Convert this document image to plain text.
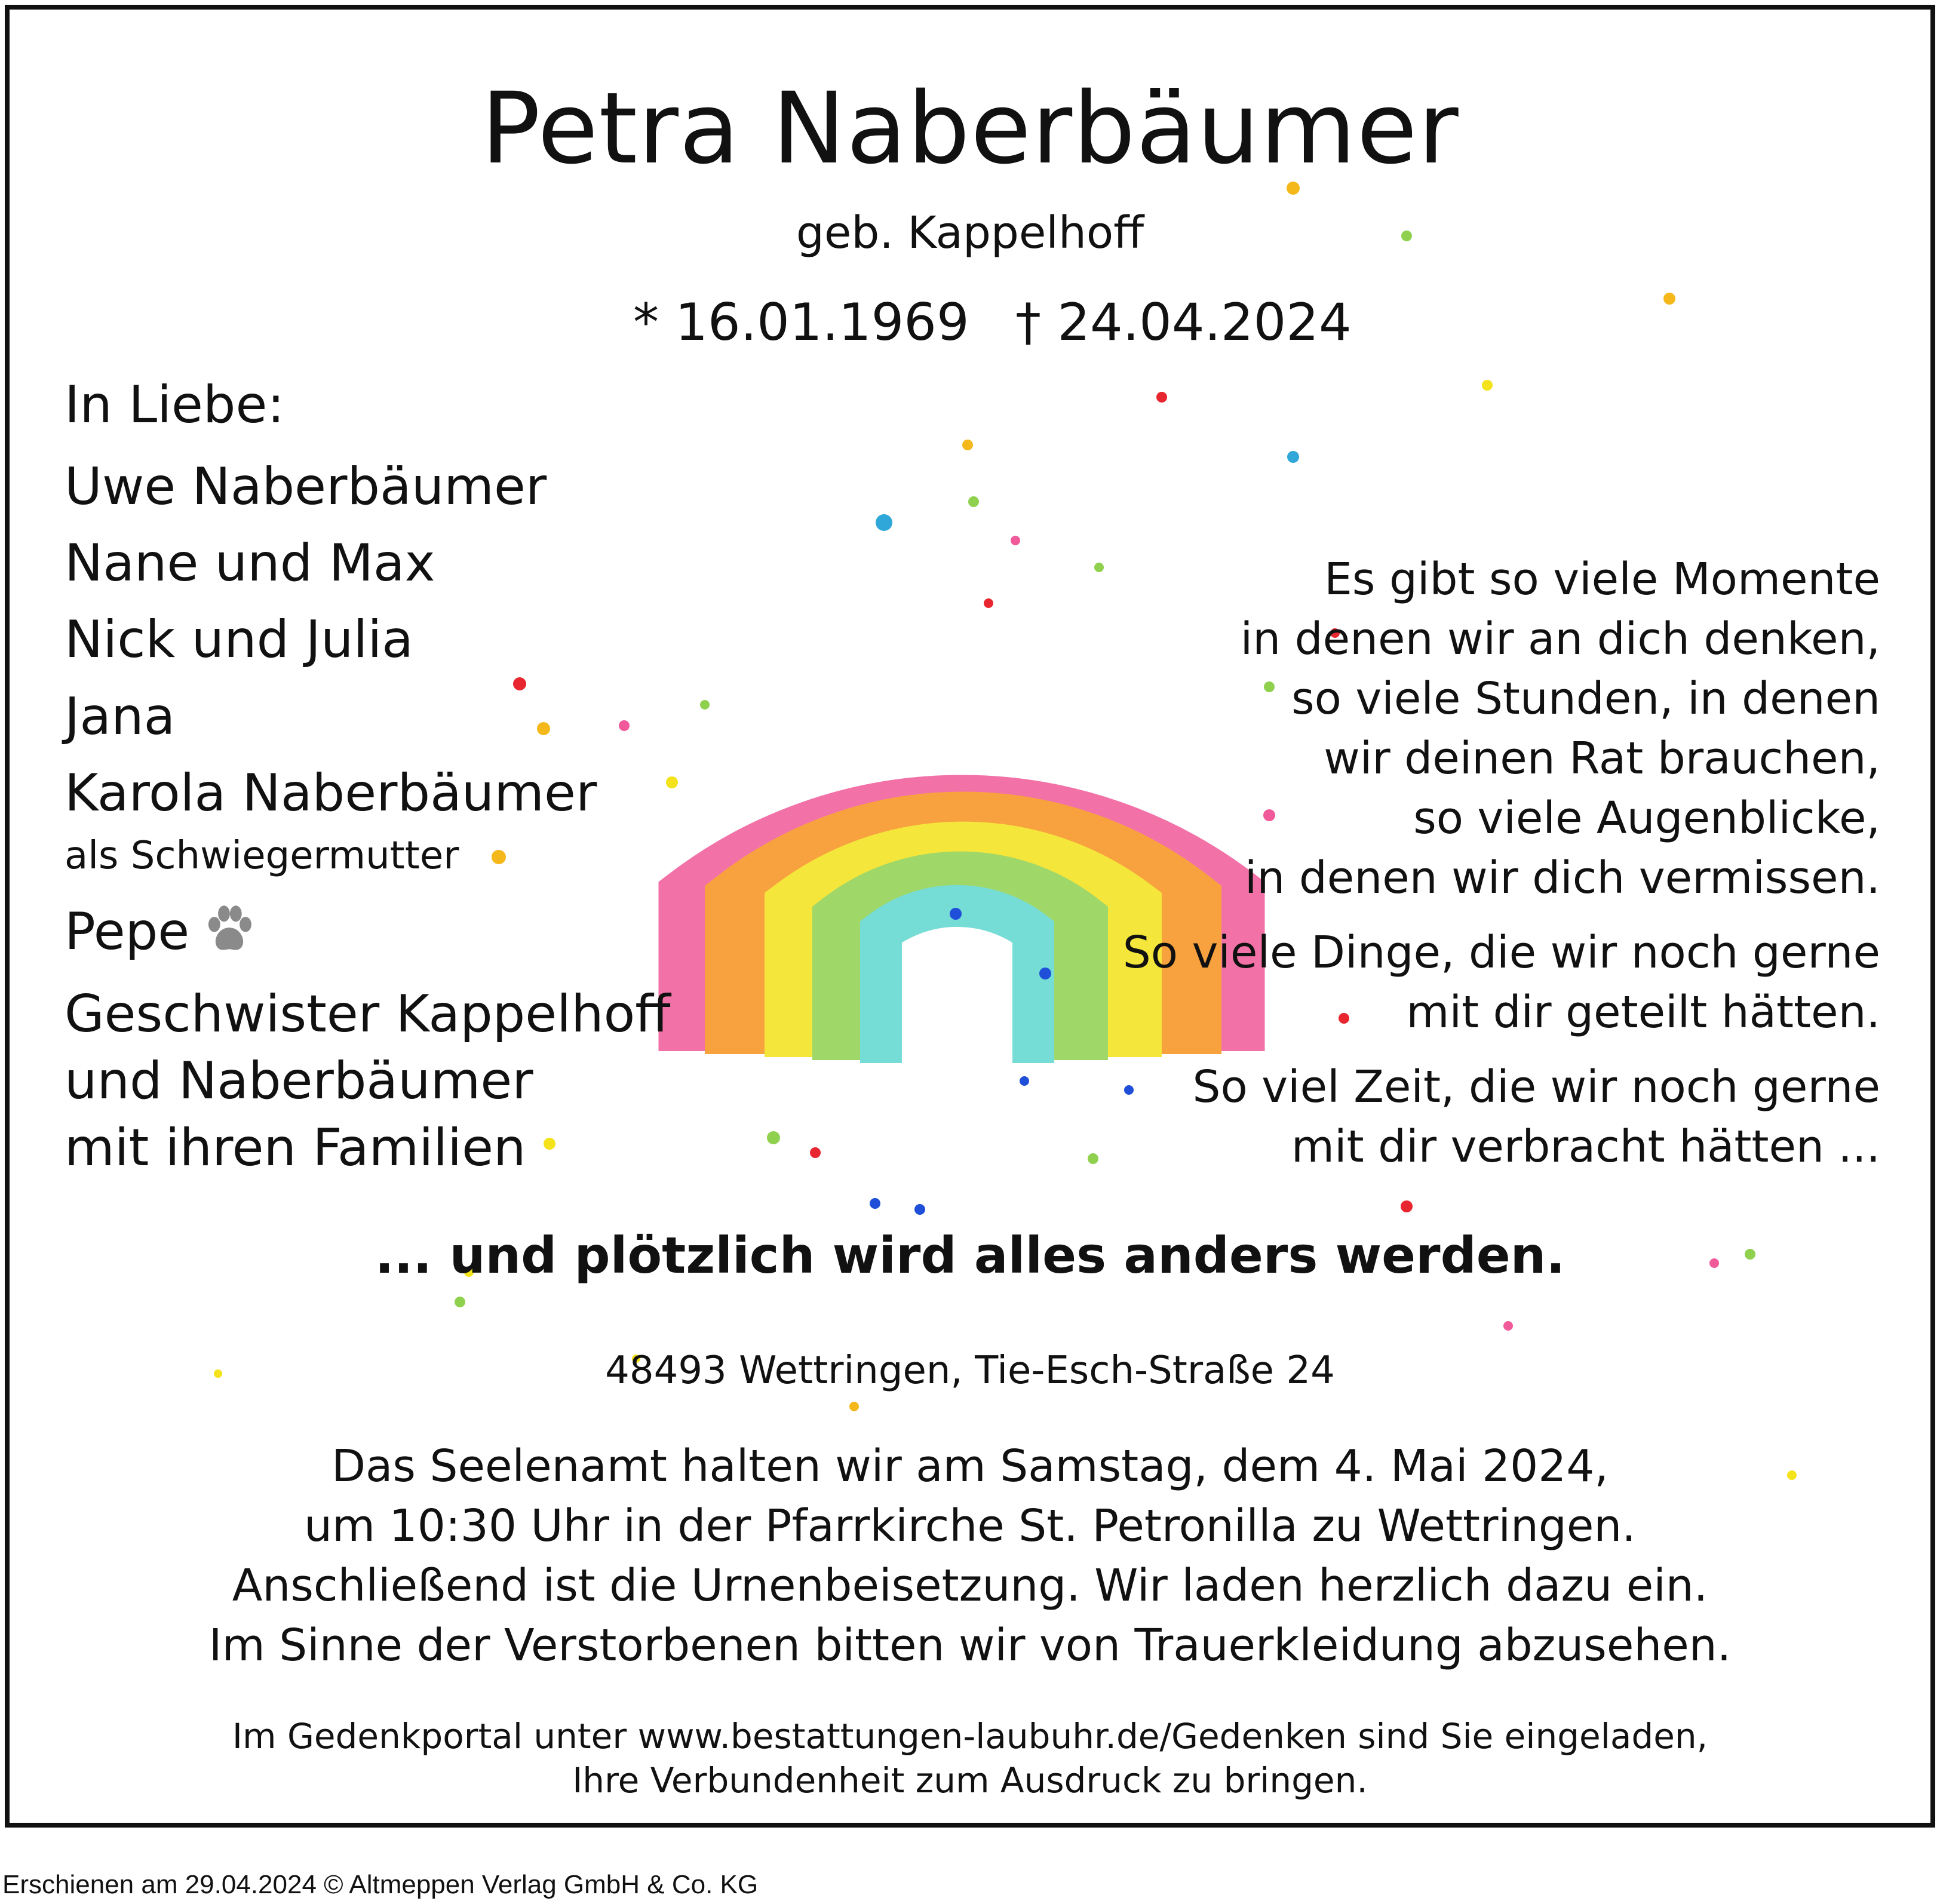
Petra Naberbäumer
geb. Kappelhoff
* 16.01.1969 † 24.04.2024
In Liebe:
Uwe Naberbäumer
Nane und Max
Nick und Julia
Jana
Karola Naberbäumer
als Schwiegermutter
Pepe
Geschwister Kappelhoff
und Naberbäumer
mit ihren Familien
Es gibt so viele Momente
in denen wir an dich denken,
so viele Stunden, in denen
wir deinen Rat brauchen,
so viele Augenblicke,
in denen wir dich vermissen.
So viele Dinge, die wir noch gerne
mit dir geteilt hätten.
So viel Zeit, die wir noch gerne
mit dir verbracht hätten ...
... und plötzlich wird alles anders werden.
48493 Wettringen, Tie-Esch-Straße 24
Das Seelenamt halten wir am Samstag, dem 4. Mai 2024,
um 10:30 Uhr in der Pfarrkirche St. Petronilla zu Wettringen.
Anschließend ist die Urnenbeisetzung. Wir laden herzlich dazu ein.
Im Sinne der Verstorbenen bitten wir von Trauerkleidung abzusehen.
Im Gedenkportal unter www.bestattungen-laubuhr.de/Gedenken sind Sie eingeladen,
Ihre Verbundenheit zum Ausdruck zu bringen.
Erschienen am 29.04.2024 © Altmeppen Verlag GmbH & Co. KG
